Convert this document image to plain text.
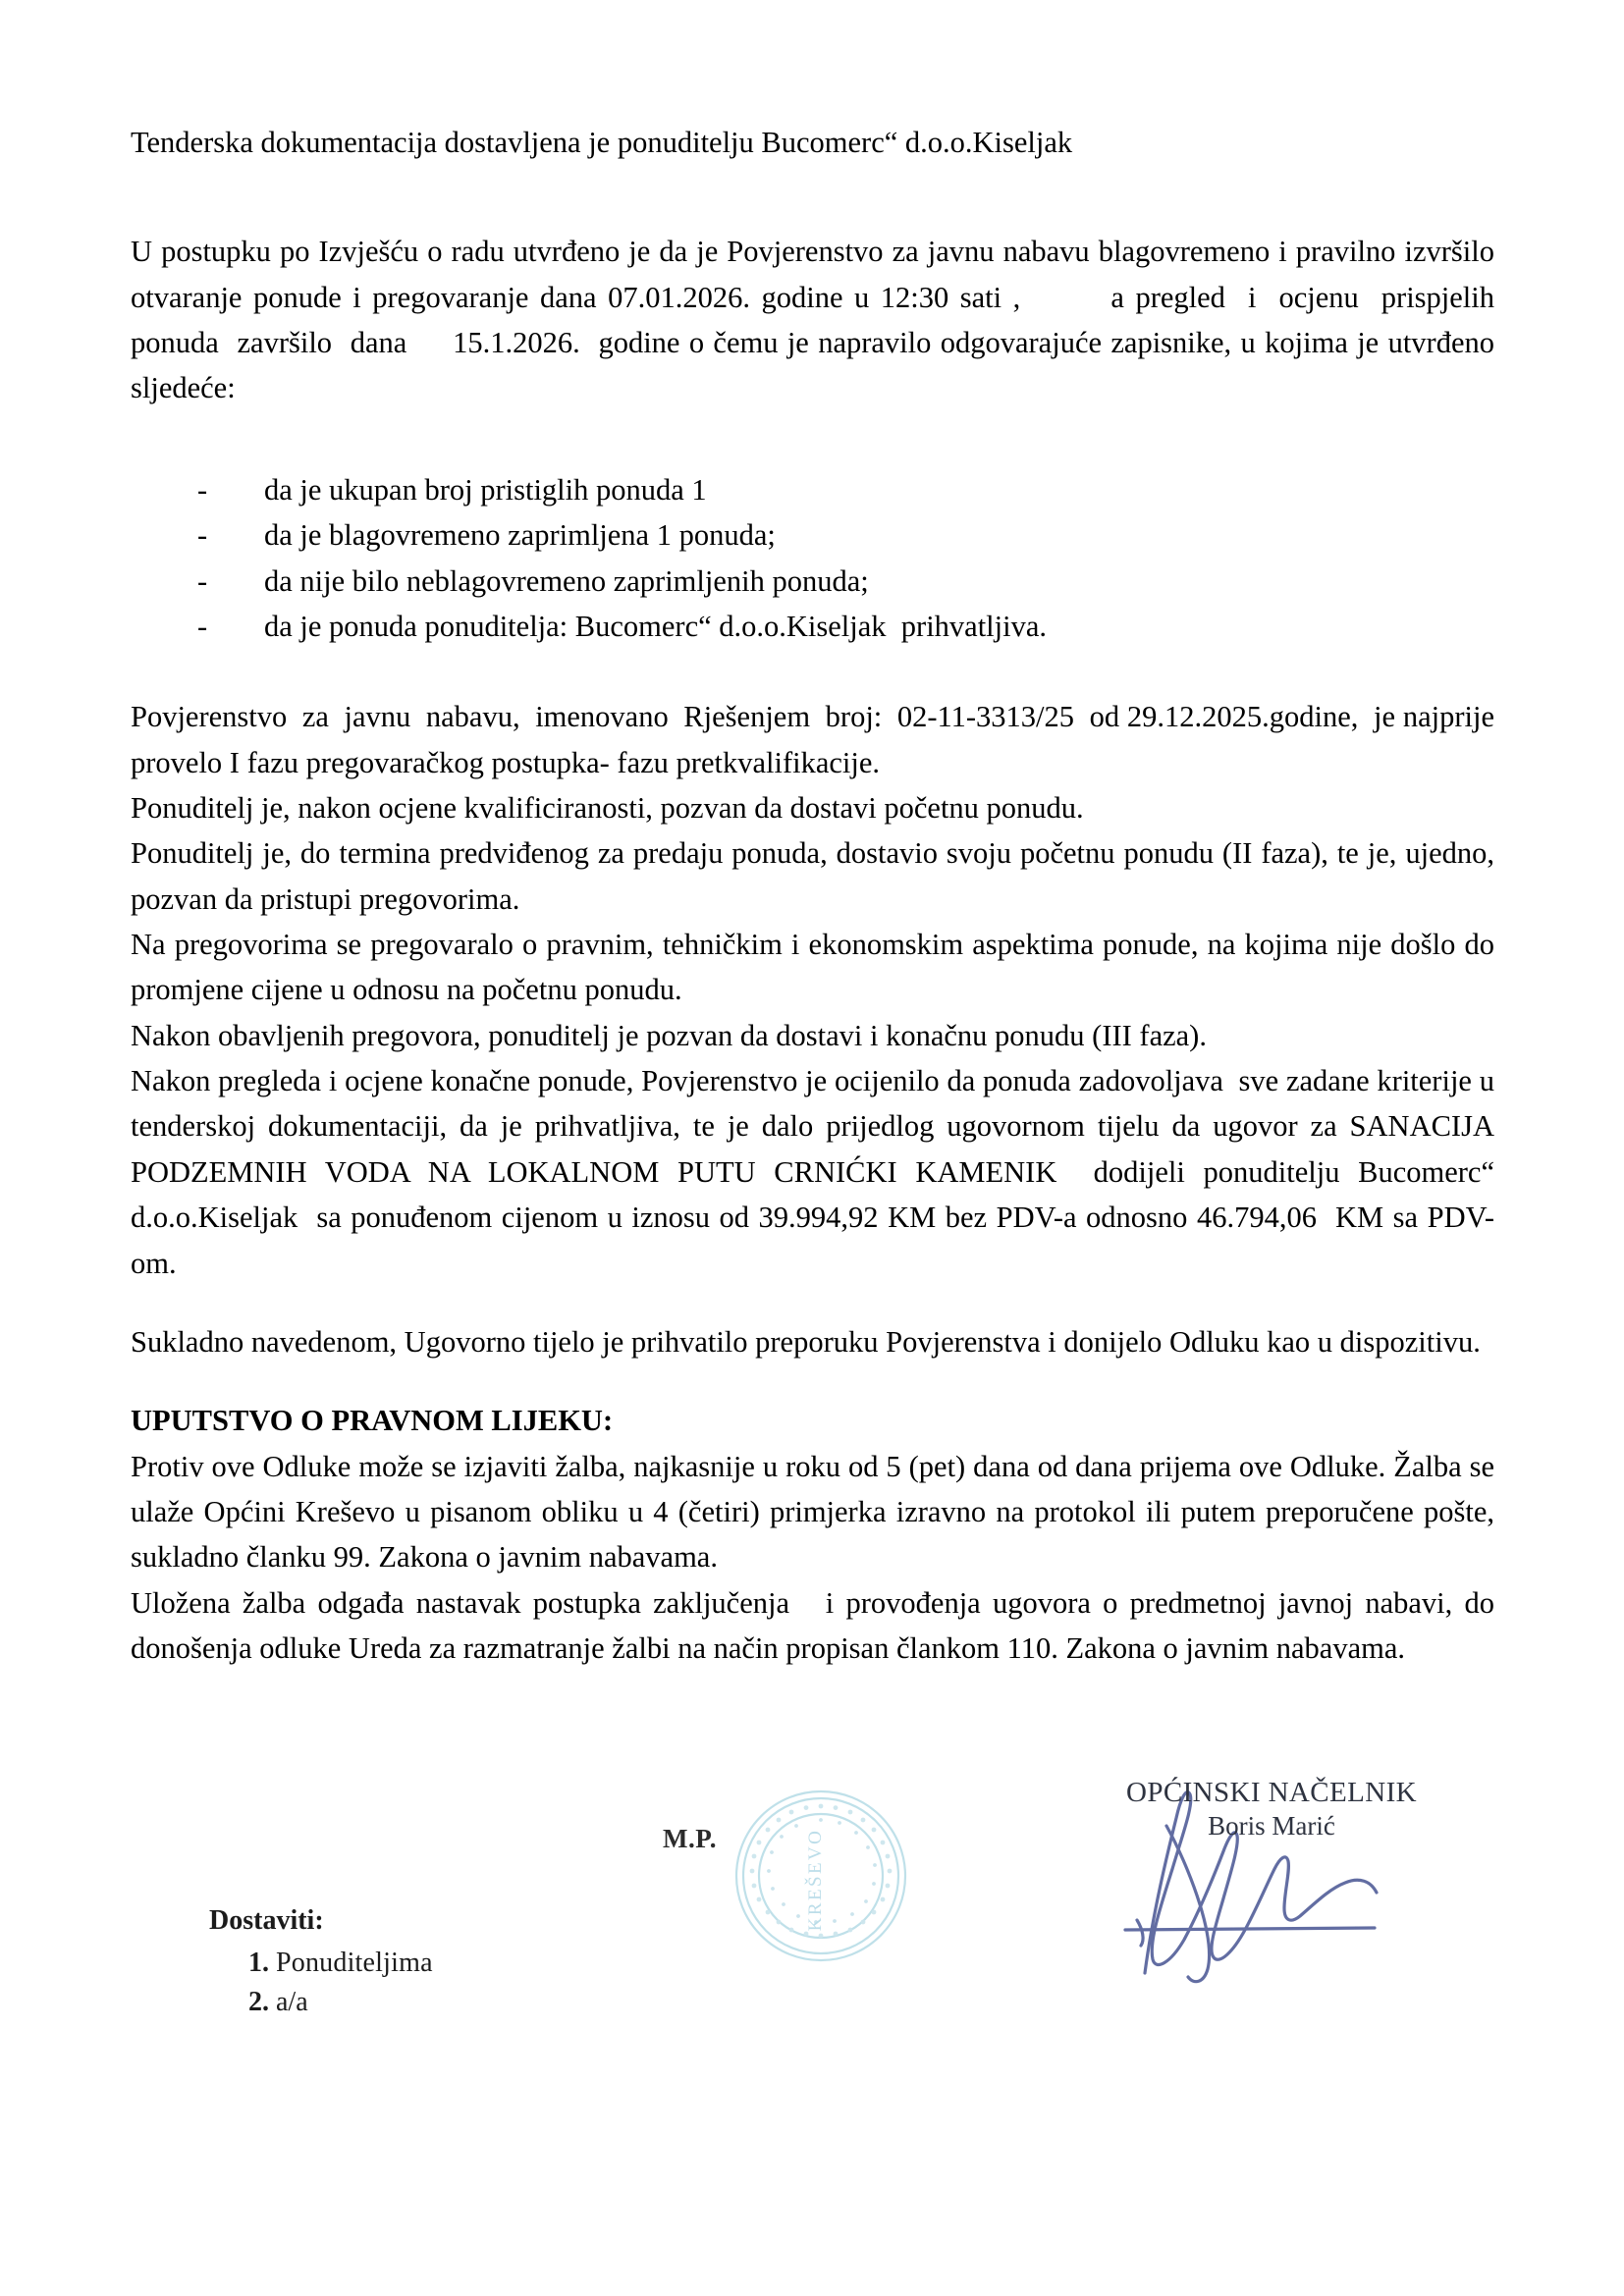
Tenderska dokumentacija dostavljena je ponuditelju Bucomerc“ d.o.o.Kiseljak

U postupku po Izvješću o radu utvrđeno je da je Povjerenstvo za javnu nabavu blagovremeno i pravilno izvršilo otvaranje ponude i pregovaranje dana 07.01.2026. godine u 12:30 sati ,        a pregled  i  ocjenu  prispjelih  ponuda  završilo  dana     15.1.2026.  godine o čemu je napravilo odgovarajuće zapisnike, u kojima je utvrđeno sljedeće:

- da je ukupan broj pristiglih ponuda 1
- da je blagovremeno zaprimljena 1 ponuda;
- da nije bilo neblagovremeno zaprimljenih ponuda;
- da je ponuda ponuditelja: Bucomerc“ d.o.o.Kiseljak  prihvatljiva.

Povjerenstvo  za  javnu  nabavu,  imenovano  Rješenjem  broj:  02-11-3313/25  od 29.12.2025.godine,  je najprije provelo I fazu pregovaračkog postupka- fazu pretkvalifikacije.

Ponuditelj je, nakon ocjene kvalificiranosti, pozvan da dostavi početnu ponudu.

Ponuditelj je, do termina predviđenog za predaju ponuda, dostavio svoju početnu ponudu (II faza), te je, ujedno, pozvan da pristupi pregovorima.

Na pregovorima se pregovaralo o pravnim, tehničkim i ekonomskim aspektima ponude, na kojima nije došlo do promjene cijene u odnosu na početnu ponudu.

Nakon obavljenih pregovora, ponuditelj je pozvan da dostavi i konačnu ponudu (III faza).

Nakon pregleda i ocjene konačne ponude, Povjerenstvo je ocijenilo da ponuda zadovoljava  sve zadane kriterije u tenderskoj dokumentaciji, da je prihvatljiva, te je dalo prijedlog ugovornom tijelu da ugovor za SANACIJA PODZEMNIH VODA NA LOKALNOM PUTU CRNIĆKI KAMENIK  dodijeli ponuditelju Bucomerc“ d.o.o.Kiseljak  sa ponuđenom cijenom u iznosu od 39.994,92 KM bez PDV-a odnosno 46.794,06  KM sa PDV-om.

Sukladno navedenom, Ugovorno tijelo je prihvatilo preporuku Povjerenstva i donijelo Odluku kao u dispozitivu.

UPUTSTVO O PRAVNOM LIJEKU:

Protiv ove Odluke može se izjaviti žalba, najkasnije u roku od 5 (pet) dana od dana prijema ove Odluke. Žalba se ulaže Općini Kreševo u pisanom obliku u 4 (četiri) primjerka izravno na protokol ili putem preporučene pošte, sukladno članku 99. Zakona o javnim nabavama.

Uložena žalba odgađa nastavak postupka zaključenja   i provođenja ugovora o predmetnoj javnoj nabavi, do donošenja odluke Ureda za razmatranje žalbi na način propisan člankom 110. Zakona o javnim nabavama.

M.P.	KREŠEVO
OPĆINSKI NAČELNIK
Boris Marić
Dostaviti:
1. Ponuditeljima
2. a/a
